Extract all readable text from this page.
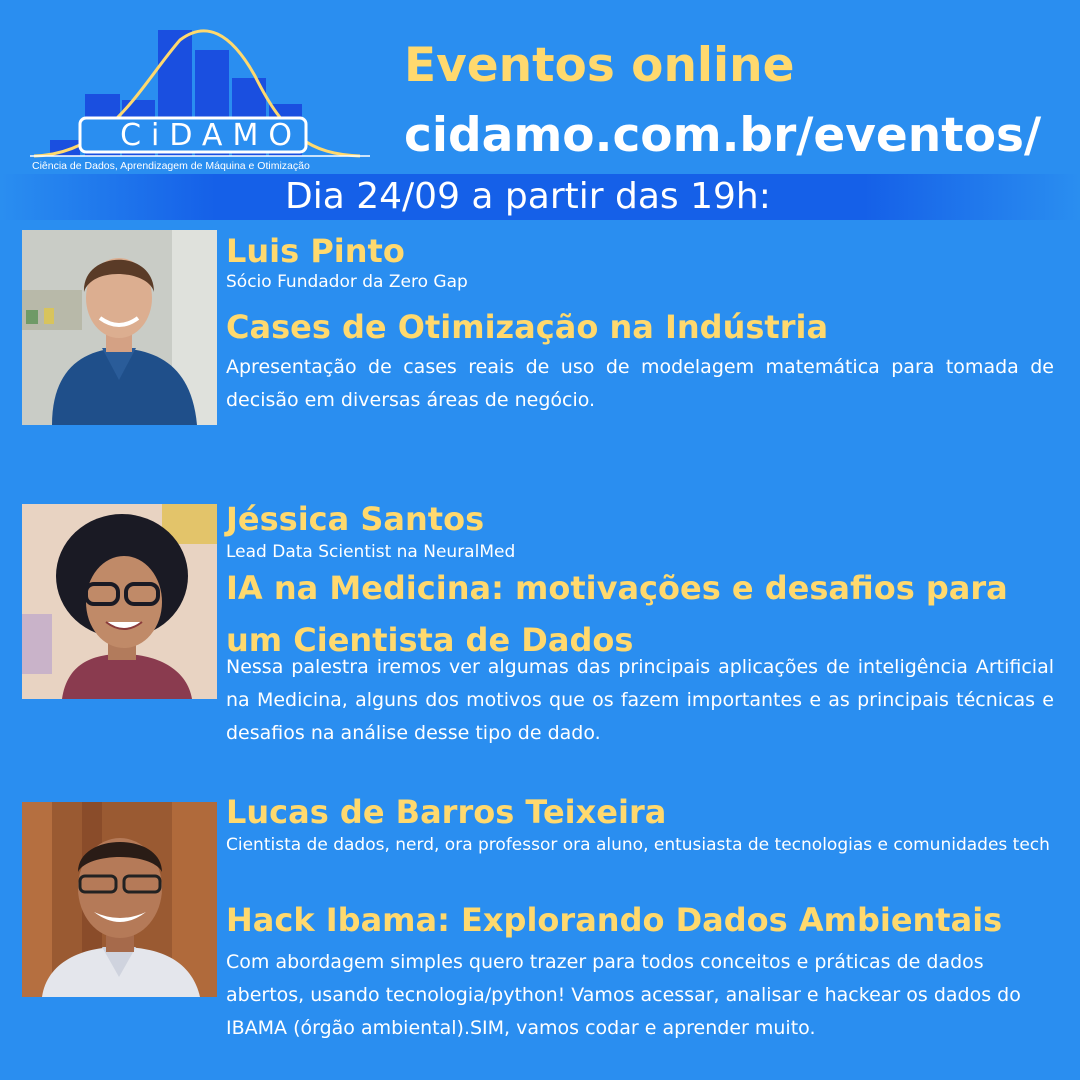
CiDAMO
Ciência de Dados, Aprendizagem de Máquina e Otimização
Eventos online
cidamo.com.br/eventos/
Dia 24/09 a partir das 19h:
Luis Pinto
Sócio Fundador da Zero Gap
Cases de Otimização na Indústria
Apresentação de cases reais de uso de modelagem matemática para tomada de decisão em diversas áreas de negócio.
Jéssica Santos
Lead Data Scientist na NeuralMed
IA na Medicina: motivações e desafios para um Cientista de Dados
Nessa palestra iremos ver algumas das principais aplicações de inteligência Artificial na Medicina, alguns dos motivos que os fazem importantes e as principais técnicas e desafios na análise desse tipo de dado.
Lucas de Barros Teixeira
Cientista de dados, nerd, ora professor ora aluno, entusiasta de tecnologias e comunidades tech
Hack Ibama: Explorando Dados Ambientais
Com abordagem simples quero trazer para todos conceitos e práticas de dados abertos, usando tecnologia/python! Vamos acessar, analisar e hackear os dados do IBAMA (órgão ambiental).SIM, vamos codar e aprender muito.
